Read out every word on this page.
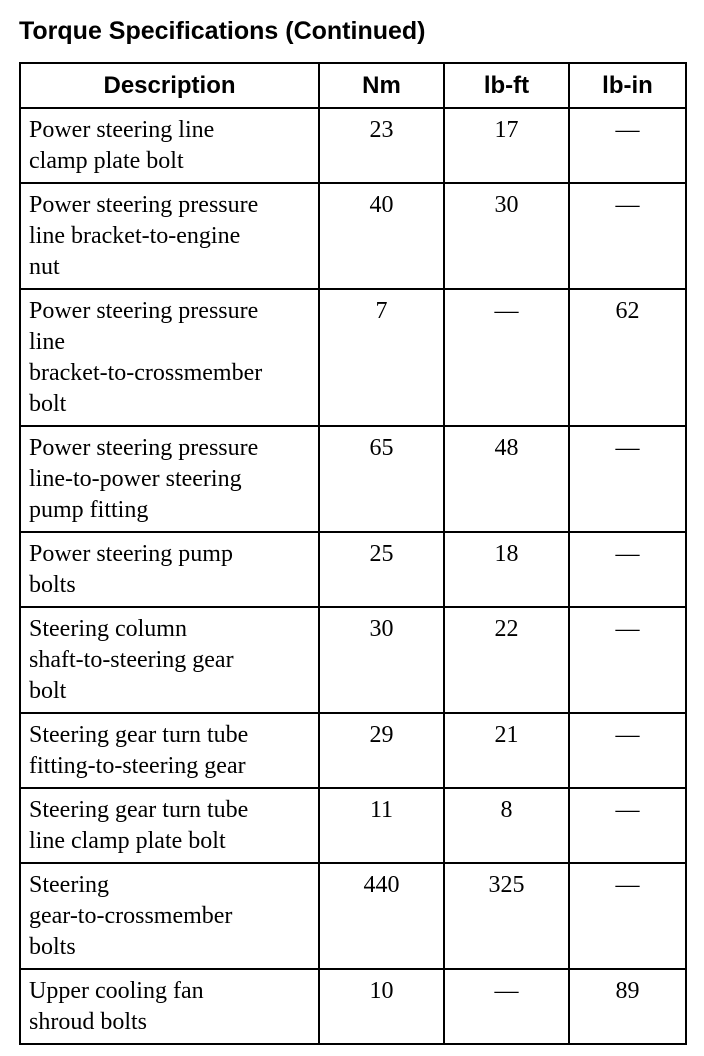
Torque Specifications (Continued)
Description	Nm	lb-ft	lb-in

Power steering line
clamp plate bolt	23	17	—

Power steering pressure
line bracket-to-engine
nut	40	30	—

Power steering pressure
line
bracket-to-crossmember
bolt	7	—	62

Power steering pressure
line-to-power steering
pump fitting	65	48	—

Power steering pump
bolts	25	18	—

Steering column
shaft-to-steering gear
bolt	30	22	—

Steering gear turn tube
fitting-to-steering gear	29	21	—

Steering gear turn tube
line clamp plate bolt	11	8	—

Steering
gear-to-crossmember
bolts	440	325	—

Upper cooling fan
shroud bolts	10	—	89
